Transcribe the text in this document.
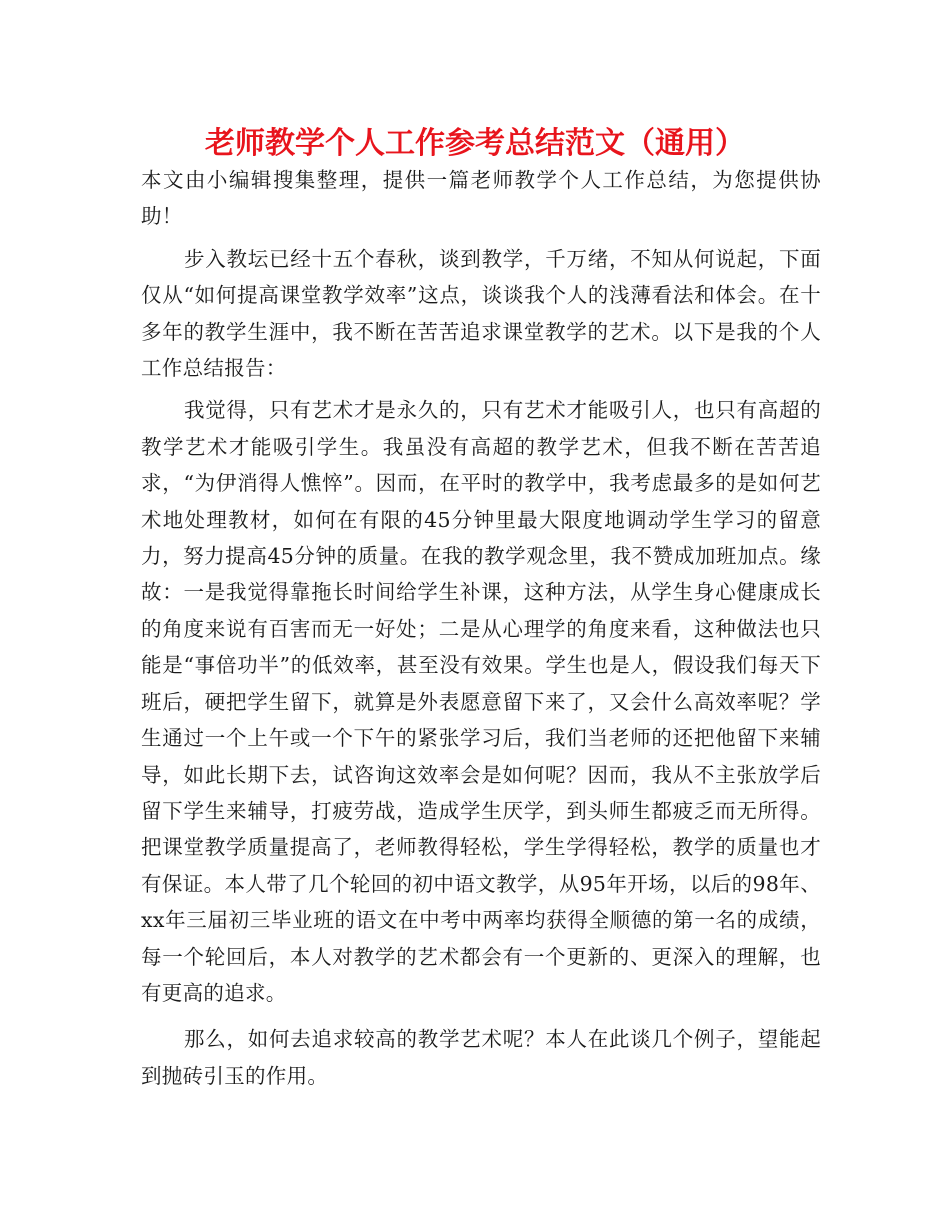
老师教学个人工作参考总结范文（通用）

本文由小编辑搜集整理，提供一篇老师教学个人工作总结，为您提供协助！

步入教坛已经十五个春秋，谈到教学，千万绪，不知从何说起，下面仅从“如何提高课堂教学效率”这点，谈谈我个人的浅薄看法和体会。在十多年的教学生涯中，我不断在苦苦追求课堂教学的艺术。以下是我的个人工作总结报告：

我觉得，只有艺术才是永久的，只有艺术才能吸引人，也只有高超的教学艺术才能吸引学生。我虽没有高超的教学艺术，但我不断在苦苦追求，“为伊消得人憔悴”。因而，在平时的教学中，我考虑最多的是如何艺术地处理教材，如何在有限的45分钟里最大限度地调动学生学习的留意力，努力提高45分钟的质量。在我的教学观念里，我不赞成加班加点。缘故：一是我觉得靠拖长时间给学生补课，这种方法，从学生身心健康成长的角度来说有百害而无一好处；二是从心理学的角度来看，这种做法也只能是“事倍功半”的低效率，甚至没有效果。学生也是人，假设我们每天下班后，硬把学生留下，就算是外表愿意留下来了，又会什么高效率呢？学生通过一个上午或一个下午的紧张学习后，我们当老师的还把他留下来辅导，如此长期下去，试咨询这效率会是如何呢？因而，我从不主张放学后留下学生来辅导，打疲劳战，造成学生厌学，到头师生都疲乏而无所得。把课堂教学质量提高了，老师教得轻松，学生学得轻松，教学的质量也才有保证。本人带了几个轮回的初中语文教学，从95年开场，以后的98年、xx年三届初三毕业班的语文在中考中两率均获得全顺德的第一名的成绩，每一个轮回后，本人对教学的艺术都会有一个更新的、更深入的理解，也有更高的追求。

那么，如何去追求较高的教学艺术呢？本人在此谈几个例子，望能起到抛砖引玉的作用。
